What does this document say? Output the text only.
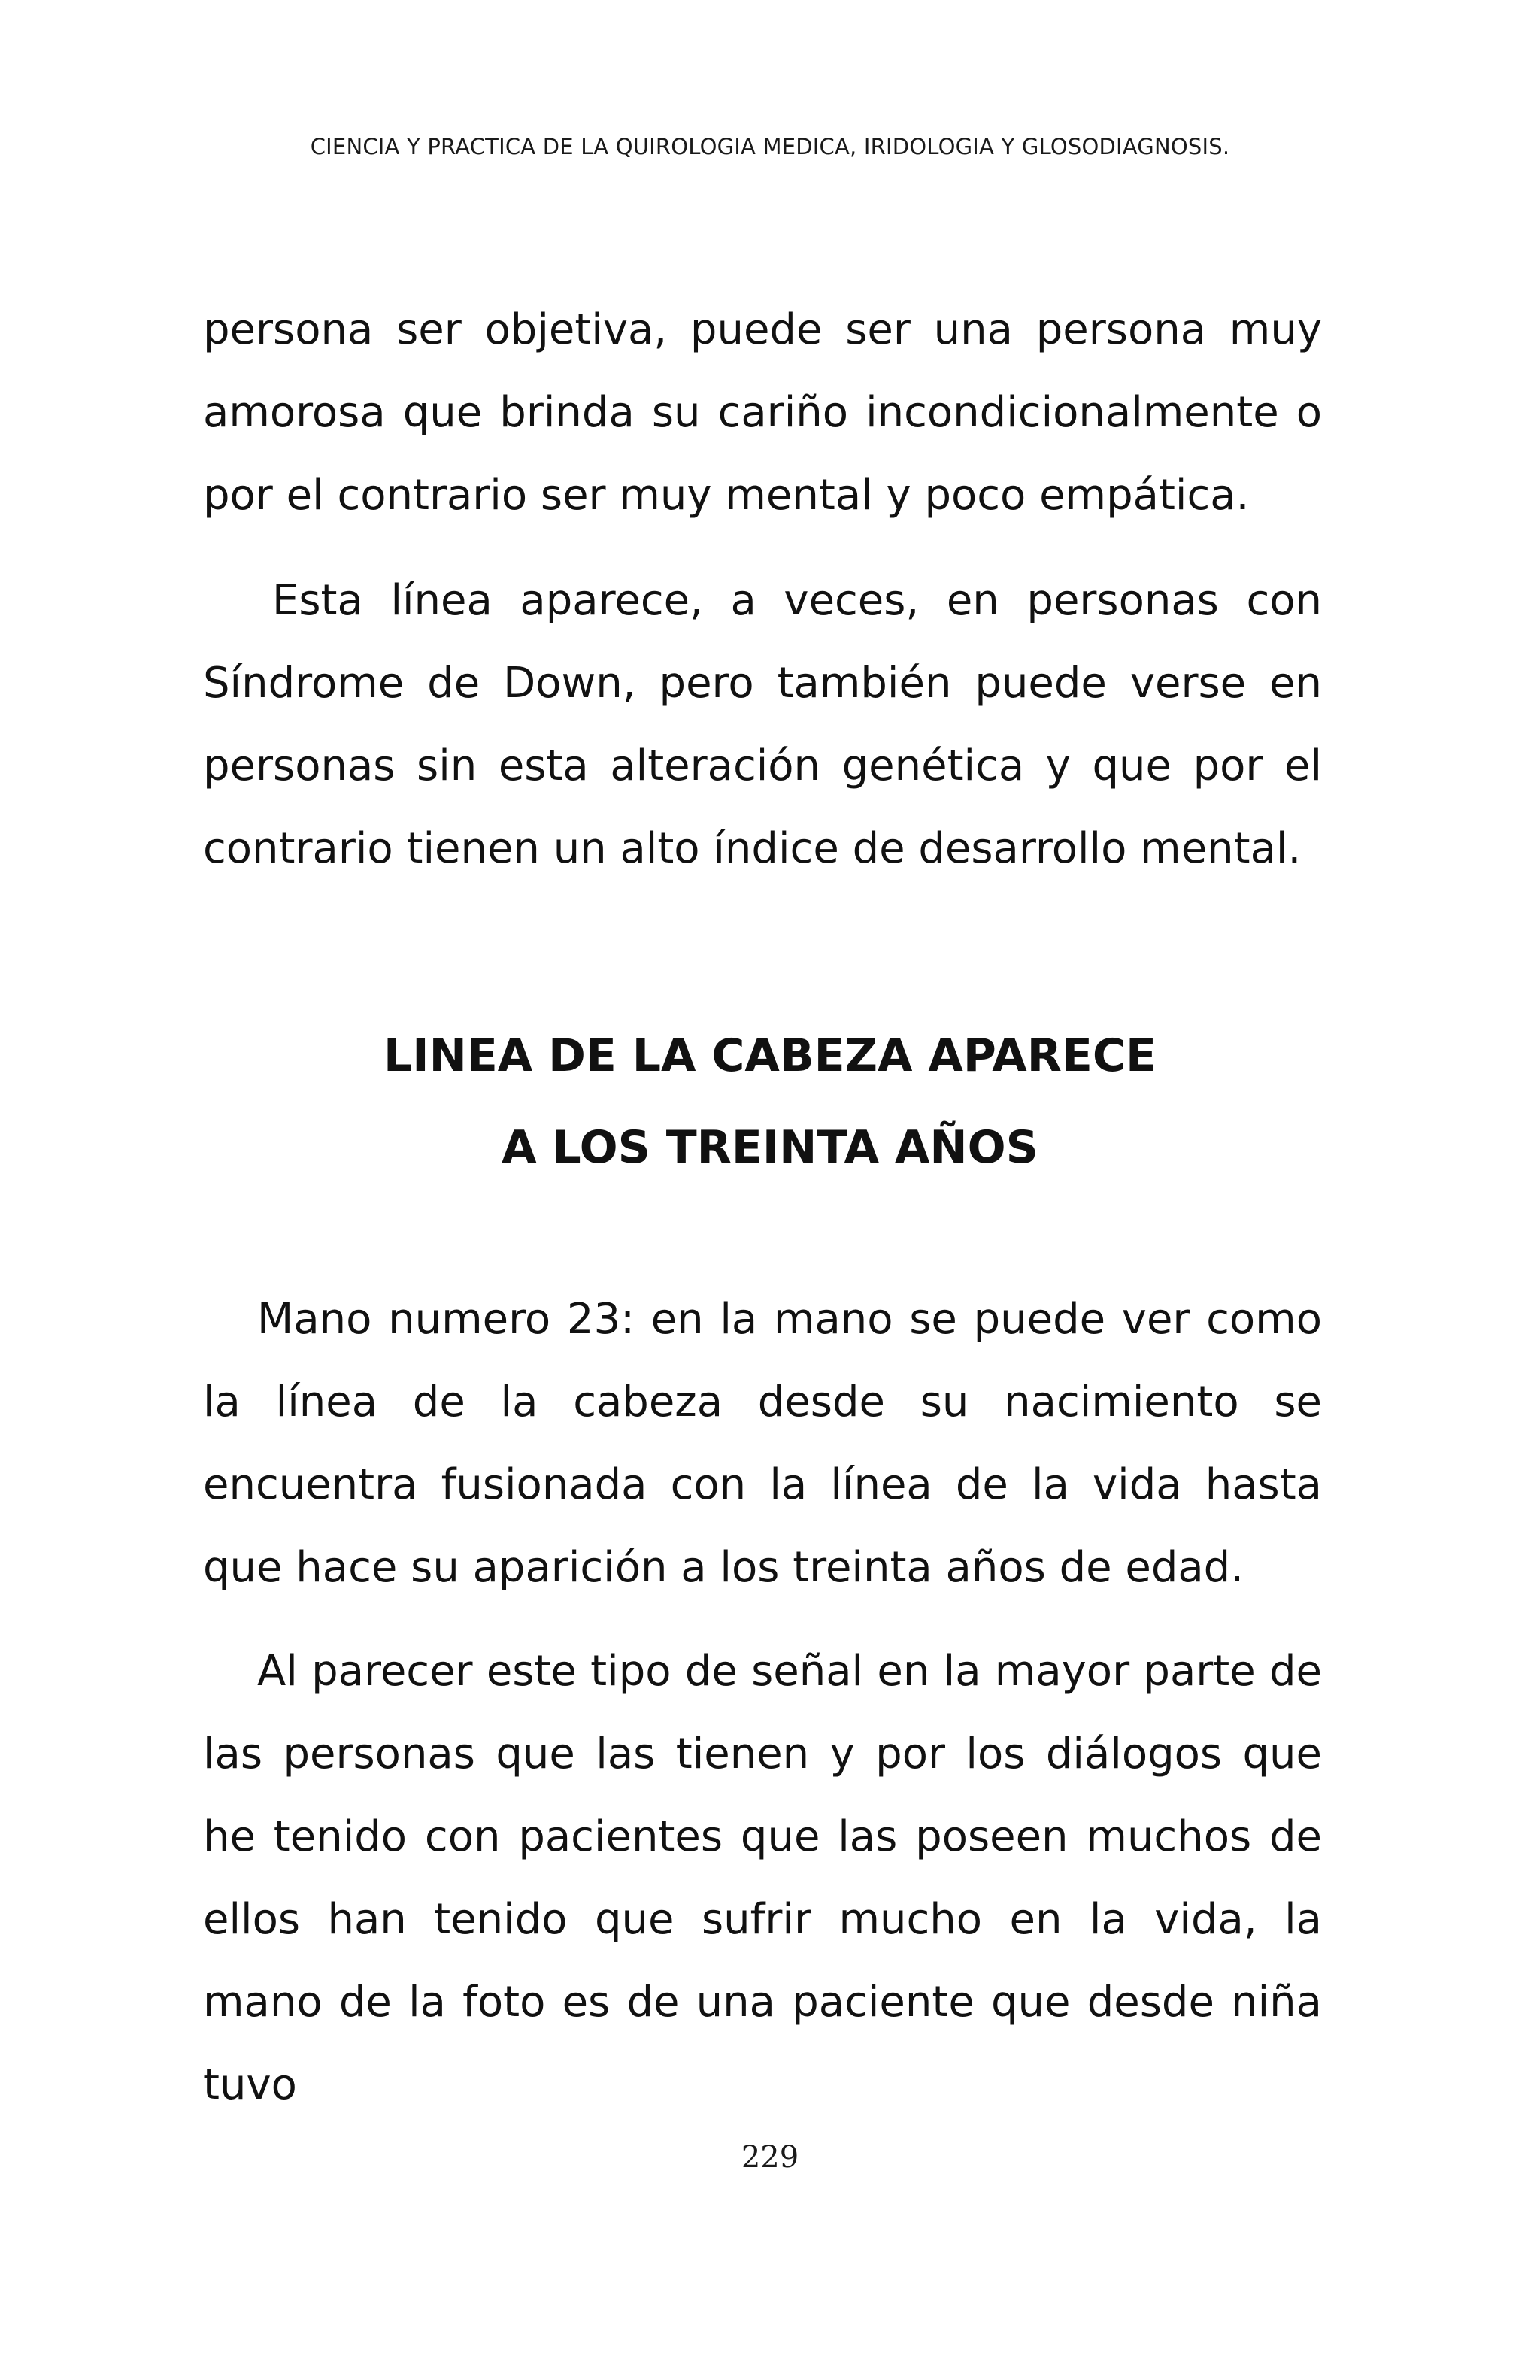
CIENCIA Y PRACTICA DE LA QUIROLOGIA MEDICA, IRIDOLOGIA Y GLOSODIAGNOSIS.

persona ser objetiva, puede ser una persona muy amorosa que brinda su cariño incondicionalmente o por el contrario ser muy mental y poco empática.

Esta línea aparece, a veces, en personas con Síndrome de Down, pero también puede verse en personas sin esta alteración genética y que por el contrario tienen un alto índice de desarrollo mental.

LINEA DE LA CABEZA APARECE
A LOS TREINTA AÑOS

Mano numero 23: en la mano se puede ver como la línea de la cabeza desde su nacimiento se encuentra fusionada con la línea de la vida hasta que hace su aparición a los treinta años de edad.

Al parecer este tipo de señal en la mayor parte de las personas que las tienen y por los diálogos que he tenido con pacientes que las poseen muchos de ellos han tenido que sufrir mucho en la vida, la mano de la foto es de una paciente que desde niña tuvo

229
